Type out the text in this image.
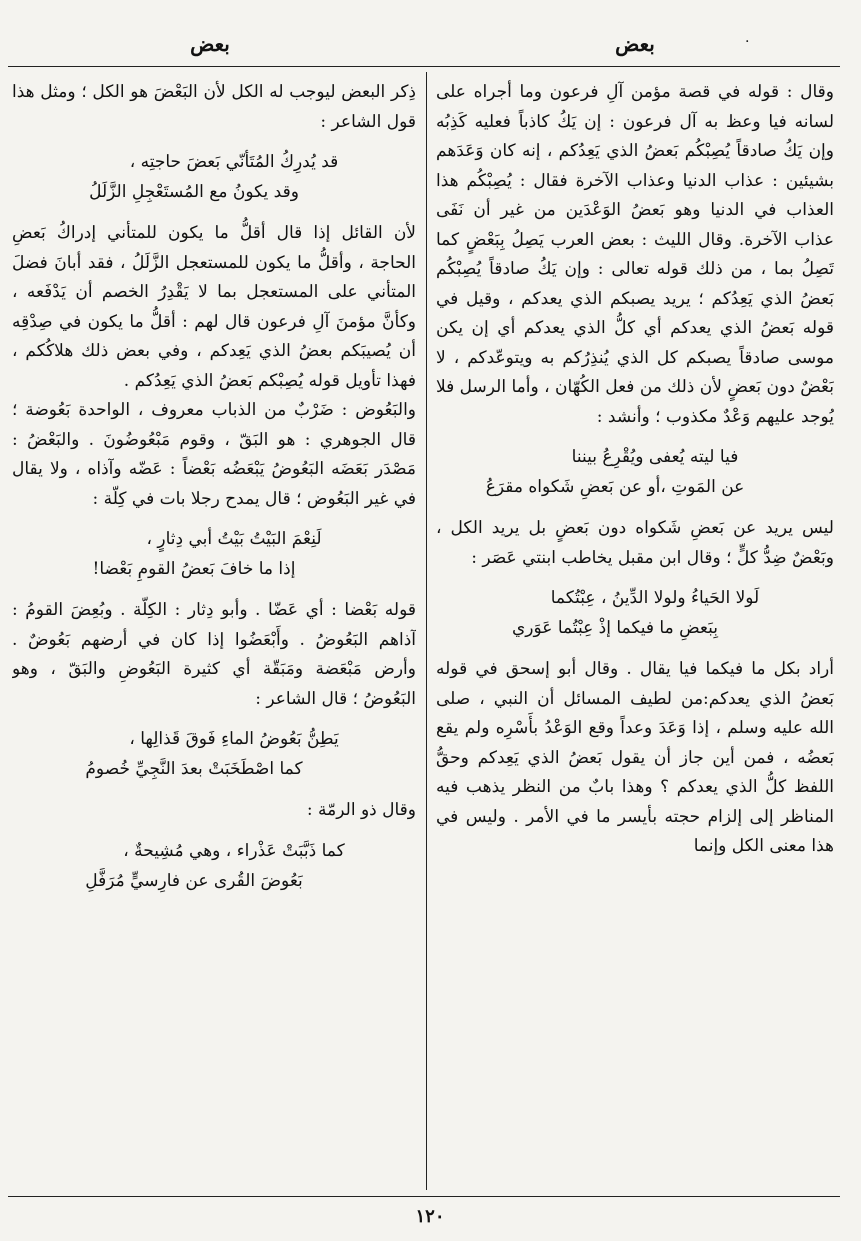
.
بعض
بعض

وقال : قوله في قصة مؤمن آلِ فرعون وما أجراه على لسانه فيا وعظ به آل فرعون : إن يَكُ كاذباً فعليه كَذِبُه وإن يَكُ صادقاً يُصِبْكُم بَعضُ الذي يَعِدُكم ، إنه كان وَعَدَهم بشيئين : عذاب الدنيا وعذاب الآخرة فقال : يُصِبْكُم هذا العذاب في الدنيا وهو بَعضُ الوَعْدَين من غير أن نَفَى عذاب الآخرة. وقال الليث : بعض العرب يَصِلُ بِبَعْضٍ كما تَصِلُ بما ، من ذلك قوله تعالى : وإن يَكُ صادقاً يُصِبْكُم بَعضُ الذي يَعِدُكم ؛ يريد يصبكم الذي يعدكم ، وقيل في قوله بَعضُ الذي يعدكم أي كلُّ الذي يعدكم أي إن يكن موسى صادقاً يصبكم كل الذي يُنذِرُكم به ويتوعّدكم ، لا بَعْضٌ دون بَعضٍ لأن ذلك من فعل الكُهّان ، وأما الرسل فلا يُوجد عليهم وَعْدٌ مكذوب ؛ وأنشد :

فيا ليته يُعفى ويُقْرِعُ بيننا
عن المَوتِ ،أو عن بَعضِ شَكواه مقرَعُ

ليس يريد عن بَعضِ شَكواه دون بَعضٍ بل يريد الكل ، وبَعْضٌ ضِدُّ كلٍّ ؛ وقال ابن مقبل يخاطب ابنتي عَصَر :

لَولا الحَياءُ ولولا الدِّينُ ، عِبْتُكما
بِبَعضِ ما فيكما إذْ عِبْتُما عَوَري

أراد بكل ما فيكما فيا يقال . وقال أبو إسحق في قوله بَعضُ الذي يعدكم:من لطيف المسائل أن النبي ، صلى الله عليه وسلم ، إذا وَعَدَ وعداً وقع الوَعْدُ بأَسْرِه ولم يقع بَعضُه ، فمن أين جاز أن يقول بَعضُ الذي يَعِدكم وحقُّ اللفظ كلُّ الذي يعدكم ؟ وهذا بابٌ من النظر يذهب فيه المناظر إلى إلزام حجته بأيسر ما في الأمر . وليس في هذا معنى الكل وإنما

ذِكر البعض ليوجب له الكل لأن البَعْضَ هو الكل ؛ ومثل هذا قول الشاعر :

قد يُدرِكُ المُتَأنّي بَعضَ حاجتِه ،
وقد يكونُ مع المُستَعْجِلِ الزَّلَلُ

لأن القائل إذا قال أقلُّ ما يكون للمتأني إدراكُ بَعضِ الحاجة ، وأقلُّ ما يكون للمستعجل الزَّلَلُ ، فقد أبانَ فضلَ المتأني على المستعجل بما لا يَقْدِرُ الخصم أن يَدْفَعه ، وكأنَّ مؤمنَ آلِ فرعون قال لهم : أقلُّ ما يكون في صِدْقِه أن يُصيبَكم بعضُ الذي يَعِدكم ، وفي بعض ذلك هلاكُكم ، فهذا تأويل قوله يُصِبْكم بَعضُ الذي يَعِدُكم .

والبَعُوض : ضَرْبٌ من الذباب معروف ، الواحدة بَعُوضة ؛ قال الجوهري : هو البَقّ ، وقوم مَبْعُوضُونَ . والبَعْضُ : مَصْدَر بَعَضَه البَعُوضُ يَبْعَضُه بَعْضاً : عَضّه وآذاه ، ولا يقال في غير البَعُوض ؛ قال يمدح رجلا بات في كِلّة :

لَنِعْمَ البَيْتُ بَيْتُ أبي دِثارٍ ،
إذا ما خافَ بَعضُ القومِ بَعْضا!

قوله بَعْضا : أي عَضّا . وأبو دِثار : الكِلّة . وبُعِضَ القومُ : آذاهم البَعُوضُ . وأَبْعَضُوا إذا كان في أرضهم بَعُوضٌ . وأرض مَبْعَضة ومَبَقّة أي كثيرة البَعُوضِ والبَقّ ، وهو البَعُوضُ ؛ قال الشاعر :

يَطِنُّ بَعُوضُ الماءِ فَوقَ قَذالِها ،
كما اصْطَخَبَتْ بعدَ النَّجِيِّ خُصومُ

وقال ذو الرمّة :

كما ذَبَّبَتْ عَذْراء ، وهي مُشِيحةٌ ،
بَعُوضَ القُرى عن فارِسيٍّ مُرَفَّلِ
١٢٠
